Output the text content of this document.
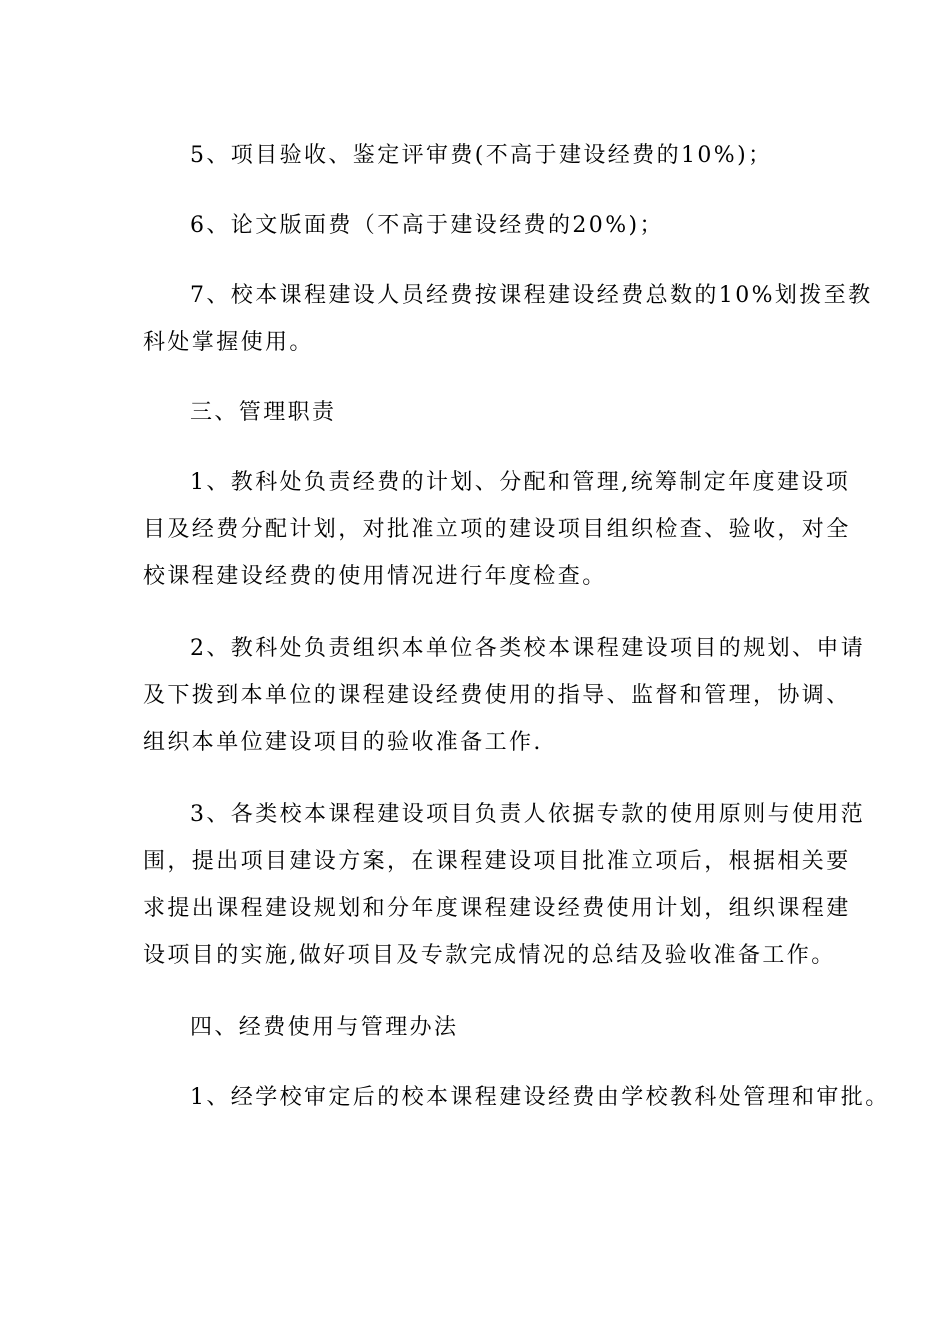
5、项目验收、鉴定评审费(不高于建设经费的10%)；
6、论文版面费（不高于建设经费的20%)；
7、校本课程建设人员经费按课程建设经费总数的10%划拨至教
科处掌握使用。
三、管理职责
1、教科处负责经费的计划、分配和管理,统筹制定年度建设项
目及经费分配计划，对批准立项的建设项目组织检查、验收，对全
校课程建设经费的使用情况进行年度检查。
2、教科处负责组织本单位各类校本课程建设项目的规划、申请
及下拨到本单位的课程建设经费使用的指导、监督和管理，协调、
组织本单位建设项目的验收准备工作.
3、各类校本课程建设项目负责人依据专款的使用原则与使用范
围，提出项目建设方案，在课程建设项目批准立项后，根据相关要
求提出课程建设规划和分年度课程建设经费使用计划，组织课程建
设项目的实施,做好项目及专款完成情况的总结及验收准备工作。
四、经费使用与管理办法
1、经学校审定后的校本课程建设经费由学校教科处管理和审批。
